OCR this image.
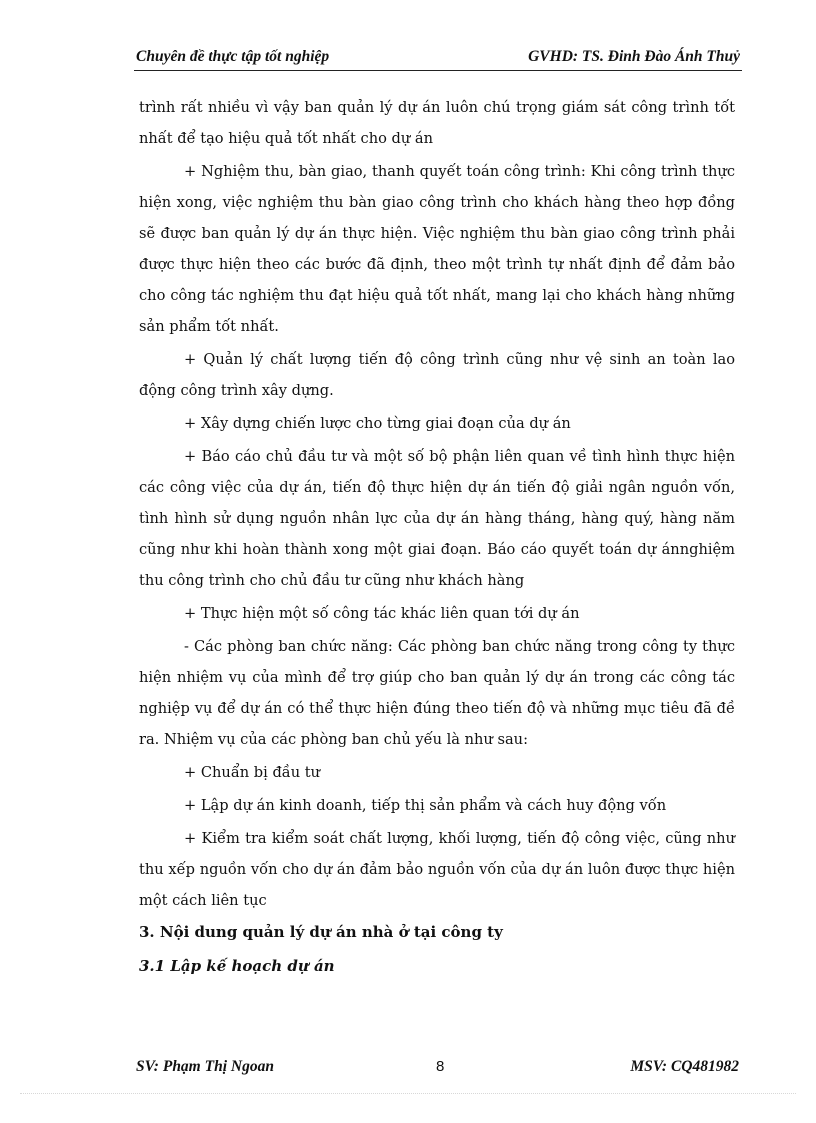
Chuyên đề thực tập tốt nghiệp	GVHD: TS. Đinh Đào Ánh Thuỷ

trình rất nhiều vì vậy ban quản lý dự án luôn chú trọng giám sát công trình tốt nhất để tạo hiệu quả tốt nhất cho dự án

+ Nghiệm thu, bàn giao, thanh quyết toán công trình: Khi công trình thực hiện xong, việc nghiệm thu bàn giao công trình cho khách hàng theo hợp đồng sẽ được ban quản lý dự án thực hiện. Việc nghiệm thu bàn giao công trình phải được thực hiện theo các bước đã định, theo một trình tự nhất định để đảm bảo cho công tác nghiệm thu đạt hiệu quả tốt nhất, mang lại cho khách hàng những sản phẩm tốt nhất.

+ Quản lý chất lượng tiến độ công trình cũng như vệ sinh an toàn lao động công trình xây dựng.

+ Xây dựng chiến lược cho từng giai đoạn của dự án

+ Báo cáo chủ đầu tư và một số bộ phận liên quan về tình hình thực hiện các công việc của dự án, tiến độ thực hiện dự án tiến độ giải ngân nguồn vốn, tình hình sử dụng nguồn nhân lực của dự án hàng tháng, hàng quý, hàng năm cũng như khi hoàn thành xong một giai đoạn. Báo cáo quyết toán dự ánnghiệm thu công trình cho chủ đầu tư cũng như khách hàng

+ Thực hiện một số công tác khác liên quan tới dự án

- Các phòng ban chức năng: Các phòng ban chức năng trong công ty thực hiện nhiệm vụ của mình để trợ giúp cho ban quản lý dự án trong các công tác nghiệp vụ để dự án có thể thực hiện đúng theo tiến độ và những mục tiêu đã đề ra. Nhiệm vụ của các phòng ban chủ yếu là như sau:

+ Chuẩn bị đầu tư

+ Lập dự án kinh doanh, tiếp thị sản phẩm và cách huy động vốn

+ Kiểm tra kiểm soát chất lượng, khối lượng, tiến độ công việc, cũng như thu xếp nguồn vốn cho dự án đảm bảo nguồn vốn của dự án luôn được thực hiện một cách liên tục

3. Nội dung quản lý dự án nhà ở tại công ty

3.1 Lập kế hoạch dự án

SV: Phạm Thị Ngoan	8	MSV: CQ481982
